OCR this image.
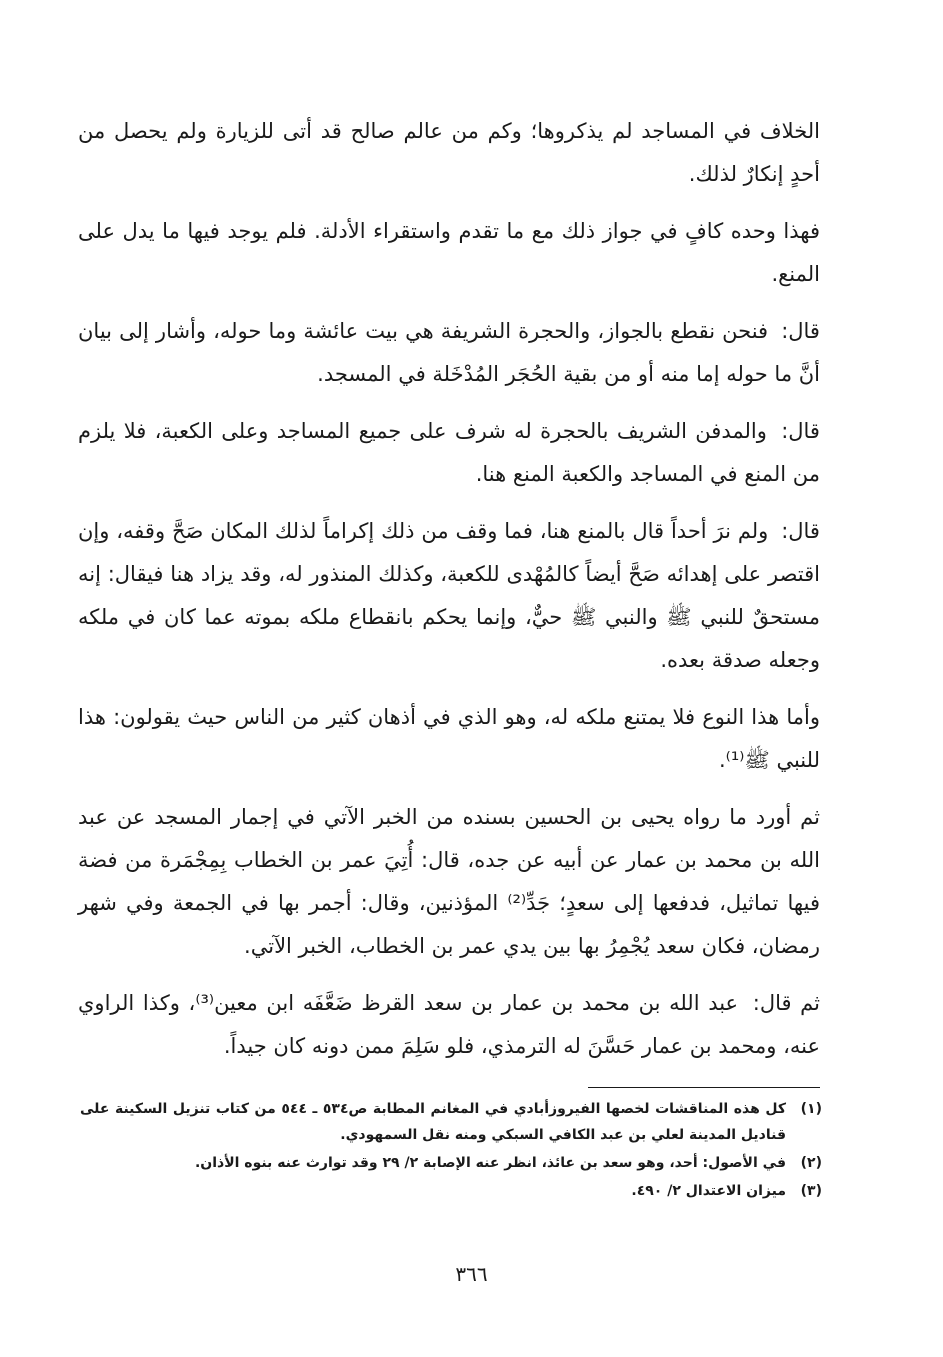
الخلاف في المساجد لم يذكروها؛ وكم من عالم صالح قد أتى للزيارة ولم يحصل من أحدٍ إنكارٌ لذلك.

فهذا وحده كافٍ في جواز ذلك مع ما تقدم واستقراء الأدلة. فلم يوجد فيها ما يدل على المنع.

قال: فنحن نقطع بالجواز، والحجرة الشريفة هي بيت عائشة وما حوله، وأشار إلى بيان أنَّ ما حوله إما منه أو من بقية الحُجَر المُدْخَلة في المسجد.

قال: والمدفن الشريف بالحجرة له شرف على جميع المساجد وعلى الكعبة، فلا يلزم من المنع في المساجد والكعبة المنع هنا.

قال: ولم نرَ أحداً قال بالمنع هنا، فما وقف من ذلك إكراماً لذلك المكان صَحَّ وقفه، وإن اقتصر على إهدائه صَحَّ أيضاً كالمُهْدى للكعبة، وكذلك المنذور له، وقد يزاد هنا فيقال: إنه مستحقٌ للنبي ﷺ والنبي ﷺ حيٌّ، وإنما يحكم بانقطاع ملكه بموته عما كان في ملكه وجعله صدقة بعده.

وأما هذا النوع فلا يمتنع ملكه له، وهو الذي في أذهان كثير من الناس حيث يقولون: هذا للنبي ﷺ⁽¹⁾.

ثم أورد ما رواه يحيى بن الحسين بسنده من الخبر الآتي في إجمار المسجد عن عبد الله بن محمد بن عمار عن أبيه عن جده، قال: أُتِيَ عمر بن الخطاب بِمِجْمَرة من فضة فيها تماثيل، فدفعها إلى سعدٍ؛ جَدِّ⁽²⁾ المؤذنين، وقال: أجمر بها في الجمعة وفي شهر رمضان، فكان سعد يُجْمِرُ بها بين يدي عمر بن الخطاب، الخبر الآتي.

ثم قال: عبد الله بن محمد بن عمار بن سعد القرظ ضَعَّفَه ابن معين⁽³⁾، وكذا الراوي عنه، ومحمد بن عمار حَسَّنَ له الترمذي، فلو سَلِمَ ممن دونه كان جيداً.

(١)
كل هذه المناقشات لخصها الفيروزأبادي في المغانم المطابة ص٥٣٤ ـ ٥٤٤ من كتاب تنزيل السكينة على قناديل المدينة لعلي بن عبد الكافي السبكي ومنه نقل السمهودي.
(٢)
في الأصول: أحد، وهو سعد بن عائذ، انظر عنه الإصابة ٢/ ٢٩ وقد توارث عنه بنوه الأذان.
(٣)
ميزان الاعتدال ٢/ ٤٩٠.
٣٦٦
